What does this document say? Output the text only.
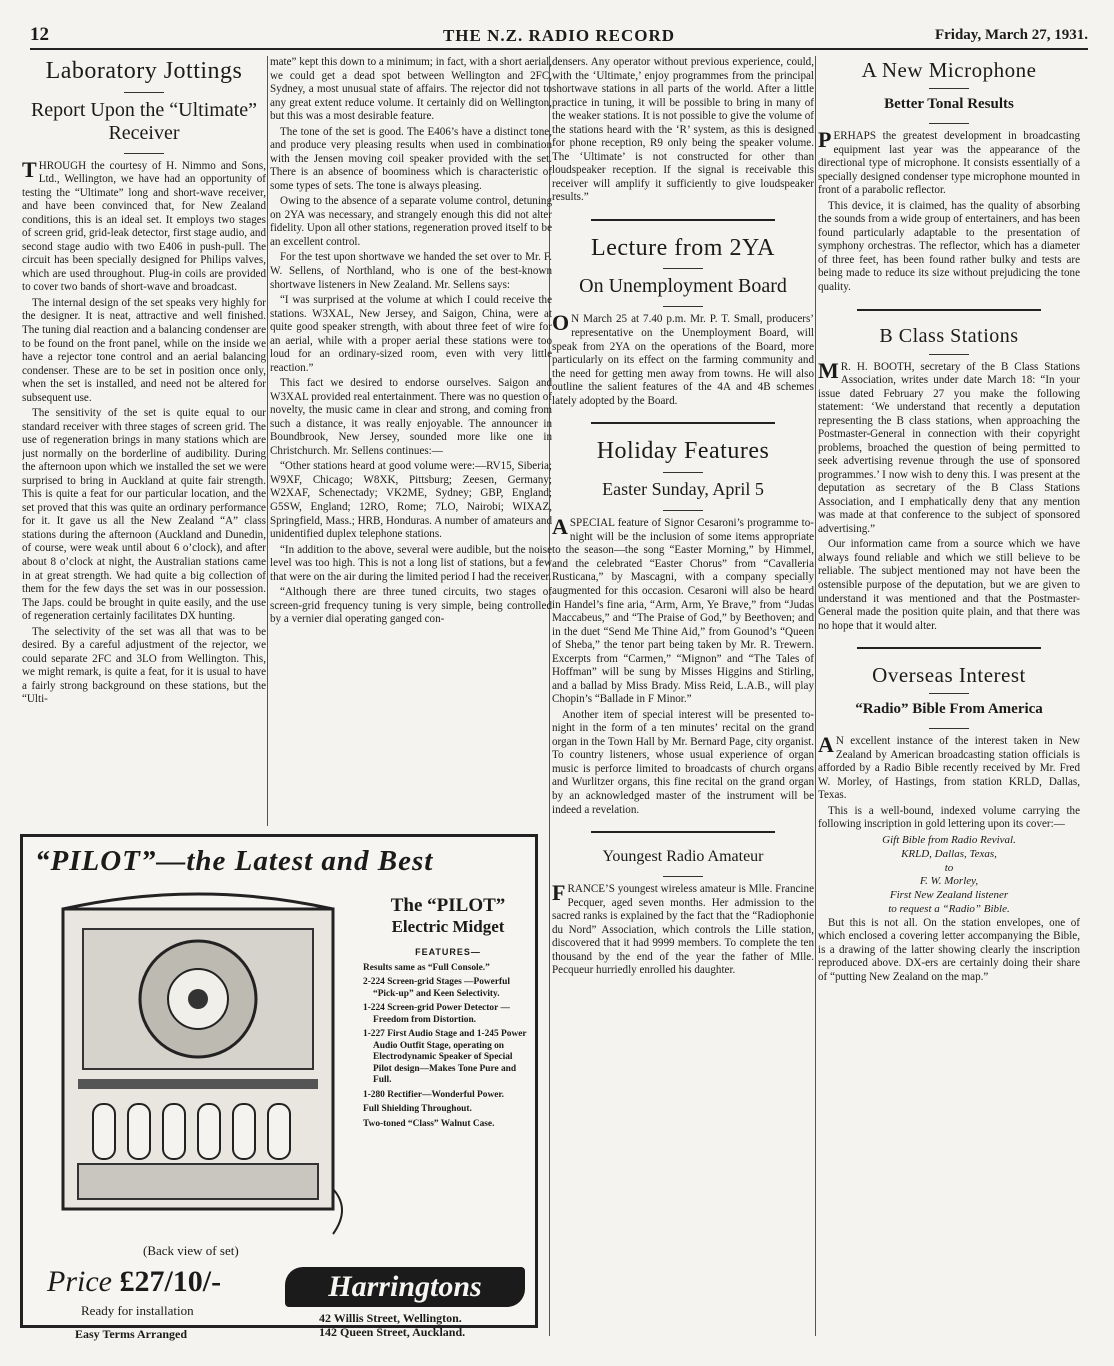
12	THE N.Z. RADIO RECORD	Friday, March 27, 1931.
Laboratory Jottings
Report Upon the “Ultimate” Receiver

THROUGH the courtesy of H. Nimmo and Sons, Ltd., Wellington, we have had an opportunity of testing the “Ultimate” long and short-wave receiver, and have been convinced that, for New Zealand conditions, this is an ideal set. It employs two stages of screen grid, grid-leak detector, first stage audio, and second stage audio with two E406 in push-pull. The circuit has been specially designed for Philips valves, which are used throughout. Plug-in coils are provided to cover two bands of short-wave and broadcast.

The internal design of the set speaks very highly for the designer. It is neat, attractive and well finished. The tuning dial reaction and a balancing condenser are to be found on the front panel, while on the inside we have a rejector tone control and an aerial balancing condenser. These are to be set in position once only, when the set is installed, and need not be altered for subsequent use.

The sensitivity of the set is quite equal to our standard receiver with three stages of screen grid. The use of regeneration brings in many stations which are just normally on the borderline of audibility. During the afternoon upon which we installed the set we were surprised to bring in Auckland at quite fair strength. This is quite a feat for our particular location, and the set proved that this was quite an ordinary performance for it. It gave us all the New Zealand “A” class stations during the afternoon (Auckland and Dunedin, of course, were weak until about 6 o’clock), and after about 8 o’clock at night, the Australian stations came in at great strength. We had quite a big collection of them for the few days the set was in our possession. The Japs. could be brought in quite easily, and the use of regeneration certainly facilitates DX hunting.

The selectivity of the set was all that was to be desired. By a careful adjustment of the rejector, we could separate 2FC and 3LO from Wellington. This, we might remark, is quite a feat, for it is usual to have a fairly strong background on these stations, but the “Ulti-

mate” kept this down to a minimum; in fact, with a short aerial, we could get a dead spot between Wellington and 2FC, Sydney, a most unusual state of affairs. The rejector did not to any great extent reduce volume. It certainly did on Wellington, but this was a most desirable feature.

The tone of the set is good. The E406’s have a distinct tone, and produce very pleasing results when used in combination with the Jensen moving coil speaker provided with the set. There is an absence of boominess which is characteristic of some types of sets. The tone is always pleasing.

Owing to the absence of a separate volume control, detuning on 2YA was necessary, and strangely enough this did not alter fidelity. Upon all other stations, regeneration proved itself to be an excellent control.

For the test upon shortwave we handed the set over to Mr. F. W. Sellens, of Northland, who is one of the best-known shortwave listeners in New Zealand. Mr. Sellens says:

“I was surprised at the volume at which I could receive the stations. W3XAL, New Jersey, and Saigon, China, were at quite good speaker strength, with about three feet of wire for an aerial, while with a proper aerial these stations were too loud for an ordinary-sized room, even with very little reaction.”

This fact we desired to endorse ourselves. Saigon and W3XAL provided real entertainment. There was no question of novelty, the music came in clear and strong, and coming from such a distance, it was really enjoyable. The announcer in Boundbrook, New Jersey, sounded more like one in Christchurch. Mr. Sellens continues:—

“Other stations heard at good volume were:—RV15, Siberia; W9XF, Chicago; W8XK, Pittsburg; Zeesen, Germany; W2XAF, Schenectady; VK2ME, Sydney; GBP, England; G5SW, England; 12RO, Rome; 7LO, Nairobi; WIXAZ, Springfield, Mass.; HRB, Honduras. A number of amateurs and unidentified duplex telephone stations.

“In addition to the above, several were audible, but the noise level was too high. This is not a long list of stations, but a few that were on the air during the limited period I had the receiver.

“Although there are three tuned circuits, two stages of screen-grid frequency tuning is very simple, being controlled by a vernier dial operating ganged con-

densers. Any operator without previous experience, could, with the ‘Ultimate,’ enjoy programmes from the principal shortwave stations in all parts of the world. After a little practice in tuning, it will be possible to bring in many of the weaker stations. It is not possible to give the volume of the stations heard with the ‘R’ system, as this is designed for phone reception, R9 only being the speaker volume. The ‘Ultimate’ is not constructed for other than loudspeaker reception. If the signal is receivable this receiver will amplify it sufficiently to give loudspeaker results.”

Lecture from 2YA
On Unemployment Board

O N March 25 at 7.40 p.m. Mr. P. T. Small, producers’ representative on the Unemployment Board, will speak from 2YA on the operations of the Board, more particularly on its effect on the farming community and the need for getting men away from towns. He will also outline the salient features of the 4A and 4B schemes lately adopted by the Board.

Holiday Features
Easter Sunday, April 5

ASPECIAL feature of Signor Cesaroni’s programme to-night will be the inclusion of some items appropriate to the season—the song “Easter Morning,” by Himmel, and the celebrated “Easter Chorus” from “Cavalleria Rusticana,” by Mascagni, with a company specially augmented for this occasion. Cesaroni will also be heard in Handel’s fine aria, “Arm, Arm, Ye Brave,” from “Judas Maccabeus,” and “The Praise of God,” by Beethoven; and in the duet “Send Me Thine Aid,” from Gounod’s “Queen of Sheba,” the tenor part being taken by Mr. R. Trewern. Excerpts from “Carmen,” “Mignon” and “The Tales of Hoffman” will be sung by Misses Higgins and Stirling, and a ballad by Miss Brady. Miss Reid, L.A.B., will play Chopin’s “Ballade in F Minor.”

Another item of special interest will be presented to-night in the form of a ten minutes’ recital on the grand organ in the Town Hall by Mr. Bernard Page, city organist. To country listeners, whose usual experience of organ music is perforce limited to broadcasts of church organs and Wurlitzer organs, this fine recital on the grand organ by an acknowledged master of the instrument will be indeed a revelation.

Youngest Radio Amateur

FRANCE’S youngest wireless amateur is Mlle. Francine Pecquer, aged seven months. Her admission to the sacred ranks is explained by the fact that the “Radiophonie du Nord” Association, which controls the Lille station, discovered that it had 9999 members. To complete the ten thousand by the end of the year the father of Mlle. Pecqueur hurriedly enrolled his daughter.

A New Microphone
Better Tonal Results

PERHAPS the greatest development in broadcasting equipment last year was the appearance of the directional type of microphone. It consists essentially of a specially designed condenser type microphone mounted in front of a parabolic reflector.

This device, it is claimed, has the quality of absorbing the sounds from a wide group of entertainers, and has been found particularly adaptable to the presentation of symphony orchestras. The reflector, which has a diameter of three feet, has been found rather bulky and tests are being made to reduce its size without prejudicing the tone quality.

B Class Stations

M R. H. BOOTH, secretary of the B Class Stations Association, writes under date March 18: “In your issue dated February 27 you make the following statement: ‘We understand that recently a deputation representing the B class stations, when approaching the Postmaster-General in connection with their copyright problems, broached the question of being permitted to seek advertising revenue through the use of sponsored programmes.’ I now wish to deny this. I was present at the deputation as secretary of the B Class Stations Association, and I emphatically deny that any mention was made at that conference to the subject of sponsored advertising.”

Our information came from a source which we have always found reliable and which we still believe to be reliable. The subject mentioned may not have been the ostensible purpose of the deputation, but we are given to understand it was mentioned and that the Postmaster-General made the position quite plain, and that there was no hope that it would alter.

Overseas Interest
“Radio” Bible From America

A N excellent instance of the interest taken in New Zealand by American broadcasting station officials is afforded by a Radio Bible recently received by Mr. Fred W. Morley, of Hastings, from station KRLD, Dallas, Texas.

This is a well-bound, indexed volume carrying the following inscription in gold lettering upon its cover:—

Gift Bible from Radio Revival.
KRLD, Dallas, Texas,
to
F. W. Morley,
First New Zealand listener
to request a “Radio” Bible.

But this is not all. On the station envelopes, one of which enclosed a covering letter accompanying the Bible, is a drawing of the latter showing clearly the inscription reproduced above. DX-ers are certainly doing their share of “putting New Zealand on the map.”

“PILOT”—the Latest and Best
The “PILOT”
Electric Midget
FEATURES—
Results same as “Full Console.”
2-224 Screen-grid Stages —Powerful “Pick-up” and Keen Selectivity.
1-224 Screen-grid Power Detector — Freedom from Distortion.
1-227 First Audio Stage and 1-245 Power Audio Outfit Stage, operating on Electrodynamic Speaker of Special Pilot design—Makes Tone Pure and Full.
1-280 Rectifier—Wonderful Power.
Full Shielding Throughout.
Two-toned “Class” Walnut Case.
(Back view of set)
Price £27/10/-
Ready for installation
Harringtons
42 Willis Street, Wellington.
142 Queen Street, Auckland.
Easy Terms Arranged
